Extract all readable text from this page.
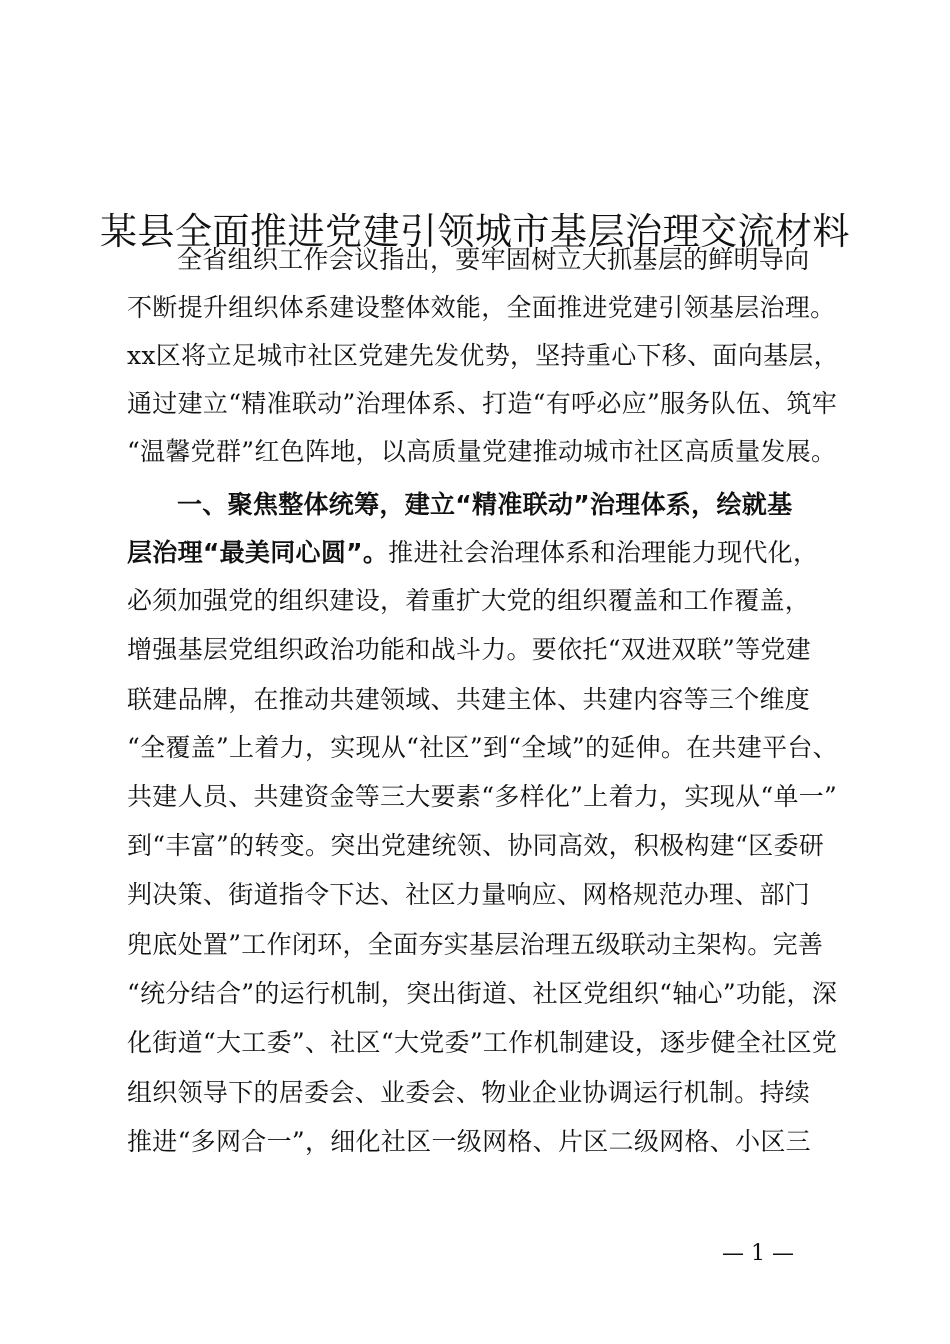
某县全面推进党建引领城市基层治理交流材料
全省组织工作会议指出，要牢固树立大抓基层的鲜明导向
不断提升组织体系建设整体效能，全面推进党建引领基层治理。
xx区将立足城市社区党建先发优势，坚持重心下移、面向基层，
通过建立“精准联动”治理体系、打造“有呼必应”服务队伍、筑牢
“温馨党群”红色阵地，以高质量党建推动城市社区高质量发展。
一、聚焦整体统筹，建立“精准联动”治理体系，绘就基
层治理“最美同心圆”。推进社会治理体系和治理能力现代化，
必须加强党的组织建设，着重扩大党的组织覆盖和工作覆盖，
增强基层党组织政治功能和战斗力。要依托“双进双联”等党建
联建品牌，在推动共建领域、共建主体、共建内容等三个维度
“全覆盖”上着力，实现从“社区”到“全域”的延伸。在共建平台、
共建人员、共建资金等三大要素“多样化”上着力，实现从“单一”
到“丰富”的转变。突出党建统领、协同高效，积极构建“区委研
判决策、街道指令下达、社区力量响应、网格规范办理、部门
兜底处置”工作闭环，全面夯实基层治理五级联动主架构。完善
“统分结合”的运行机制，突出街道、社区党组织“轴心”功能，深
化街道“大工委”、社区“大党委”工作机制建设，逐步健全社区党
组织领导下的居委会、业委会、物业企业协调运行机制。持续
推进“多网合一”，细化社区一级网格、片区二级网格、小区三
— 1 —
